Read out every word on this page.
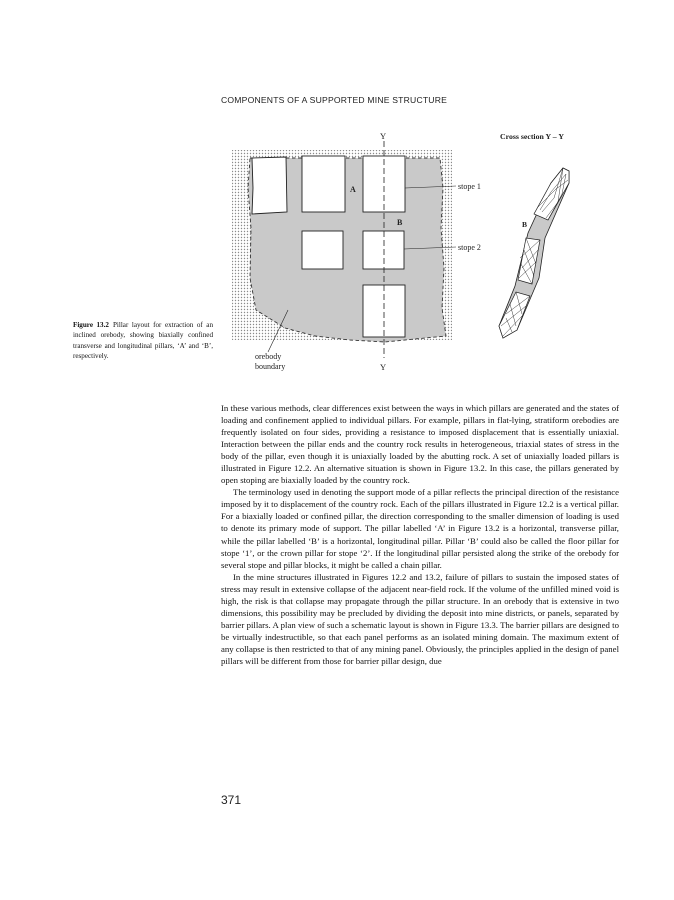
COMPONENTS OF A SUPPORTED MINE STRUCTURE
Y
Y
A
B
stope 1
stope 2
orebody
boundary
Cross section Y – Y
B
Figure 13.2 Pillar layout for extraction of an inclined orebody, showing biaxially confined transverse and longitudinal pillars, ‘A’ and ‘B’, respectively.

In these various methods, clear differences exist between the ways in which pillars are generated and the states of loading and confinement applied to individual pillars. For example, pillars in flat-lying, stratiform orebodies are frequently isolated on four sides, providing a resistance to imposed displacement that is essentially uniaxial. Interaction between the pillar ends and the country rock results in heterogeneous, triaxial states of stress in the body of the pillar, even though it is uniaxially loaded by the abutting rock. A set of uniaxially loaded pillars is illustrated in Figure 12.2. An alternative situation is shown in Figure 13.2. In this case, the pillars generated by open stoping are biaxially loaded by the country rock.

The terminology used in denoting the support mode of a pillar reflects the principal direction of the resistance imposed by it to displacement of the country rock. Each of the pillars illustrated in Figure 12.2 is a vertical pillar. For a biaxially loaded or confined pillar, the direction corresponding to the smaller dimension of loading is used to denote its primary mode of support. The pillar labelled ‘A’ in Figure 13.2 is a horizontal, transverse pillar, while the pillar labelled ‘B’ is a horizontal, longitudinal pillar. Pillar ‘B’ could also be called the floor pillar for stope ‘1’, or the crown pillar for stope ‘2’. If the longitudinal pillar persisted along the strike of the orebody for several stope and pillar blocks, it might be called a chain pillar.

In the mine structures illustrated in Figures 12.2 and 13.2, failure of pillars to sustain the imposed states of stress may result in extensive collapse of the adjacent near-field rock. If the volume of the unfilled mined void is high, the risk is that collapse may propagate through the pillar structure. In an orebody that is extensive in two dimensions, this possibility may be precluded by dividing the deposit into mine districts, or panels, separated by barrier pillars. A plan view of such a schematic layout is shown in Figure 13.3. The barrier pillars are designed to be virtually indestructible, so that each panel performs as an isolated mining domain. The maximum extent of any collapse is then restricted to that of any mining panel. Obviously, the principles applied in the design of panel pillars will be different from those for barrier pillar design, due

371
